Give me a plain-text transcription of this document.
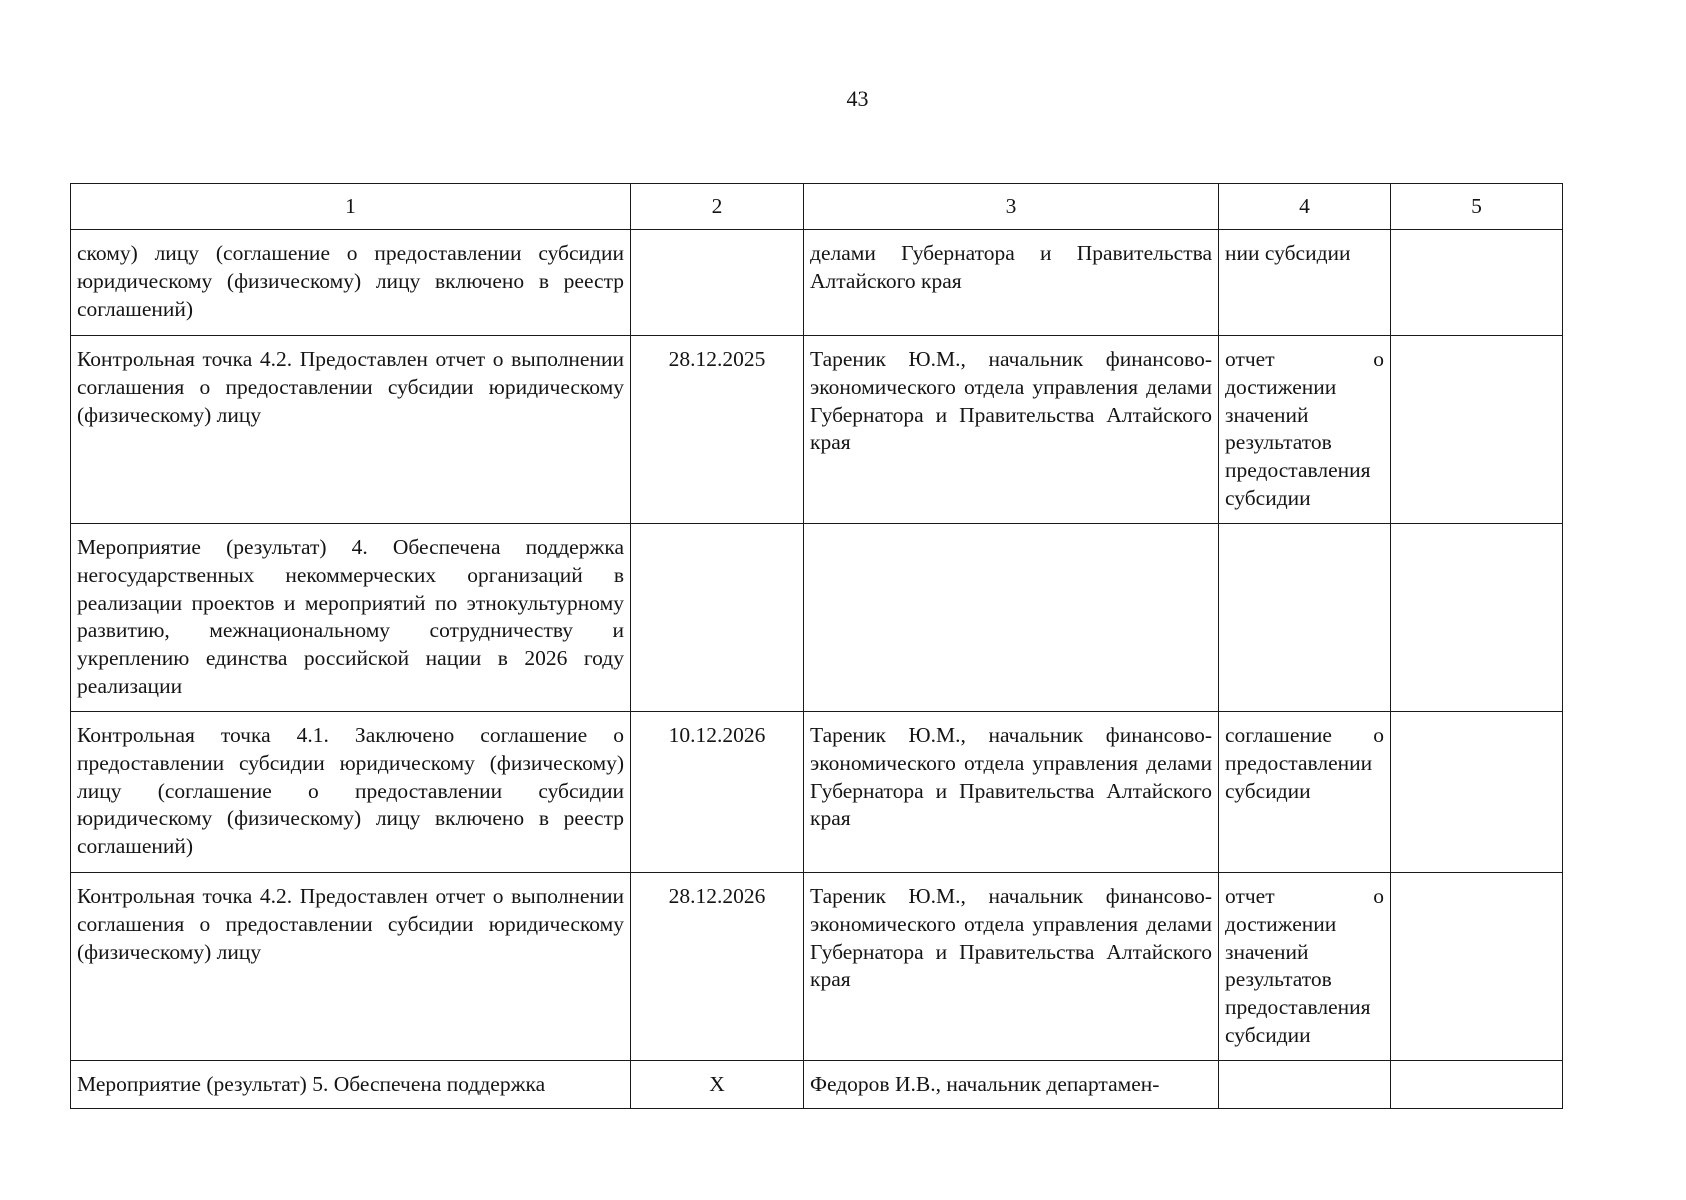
43
1	2	3	4	5
скому) лицу (соглашение о предоставлении субсидии юридическому (физическому) лицу включено в реестр соглашений)		делами Губернатора и Правительства Алтайского края	нии субсидии	
Контрольная точка 4.2. Предоставлен отчет о выполнении соглашения о предоставлении субсидии юридическому (физическому) лицу	28.12.2025	Тареник Ю.М., начальник финансово-экономического отдела управления делами Губернатора и Правительства Алтайского края	отчет о достижении значений результатов предоставления субсидии	
Мероприятие (результат) 4. Обеспечена поддержка негосударственных некоммерческих организаций в реализации проектов и мероприятий по этнокультурному развитию, межнациональному сотрудничеству и укреплению единства российской нации в 2026 году реализации				
Контрольная точка 4.1. Заключено соглашение о предоставлении субсидии юридическому (физическому) лицу (соглашение о предоставлении субсидии юридическому (физическому) лицу включено в реестр соглашений)	10.12.2026	Тареник Ю.М., начальник финансово-экономического отдела управления делами Губернатора и Правительства Алтайского края	соглашение о предоставлении субсидии	
Контрольная точка 4.2. Предоставлен отчет о выполнении соглашения о предоставлении субсидии юридическому (физическому) лицу	28.12.2026	Тареник Ю.М., начальник финансово-экономического отдела управления делами Губернатора и Правительства Алтайского края	отчет о достижении значений результатов предоставления субсидии	
Мероприятие (результат) 5. Обеспечена поддержка	Х	Федоров И.В., начальник департамен-		
